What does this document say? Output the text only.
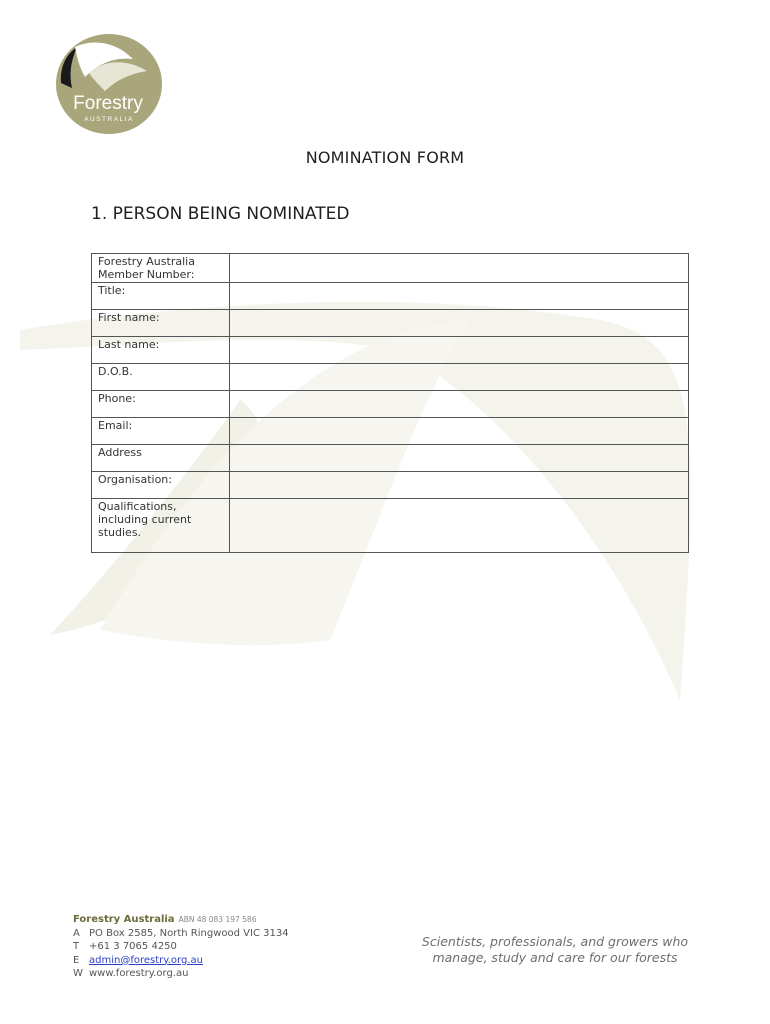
Forestry
AUSTRALIA
NOMINATION FORM
1. PERSON BEING NOMINATED
Forestry Australia Member Number:	
Title:	
First name:	
Last name:	
D.O.B.	
Phone:	
Email:	
Address	
Organisation:	
Qualifications, including current studies.	
Forestry Australia ABN 48 083 197 586
A PO Box 2585, North Ringwood VIC 3134
T +61 3 7065 4250
E admin@forestry.org.au
W www.forestry.org.au
Scientists, professionals, and growers who manage, study and care for our forests
